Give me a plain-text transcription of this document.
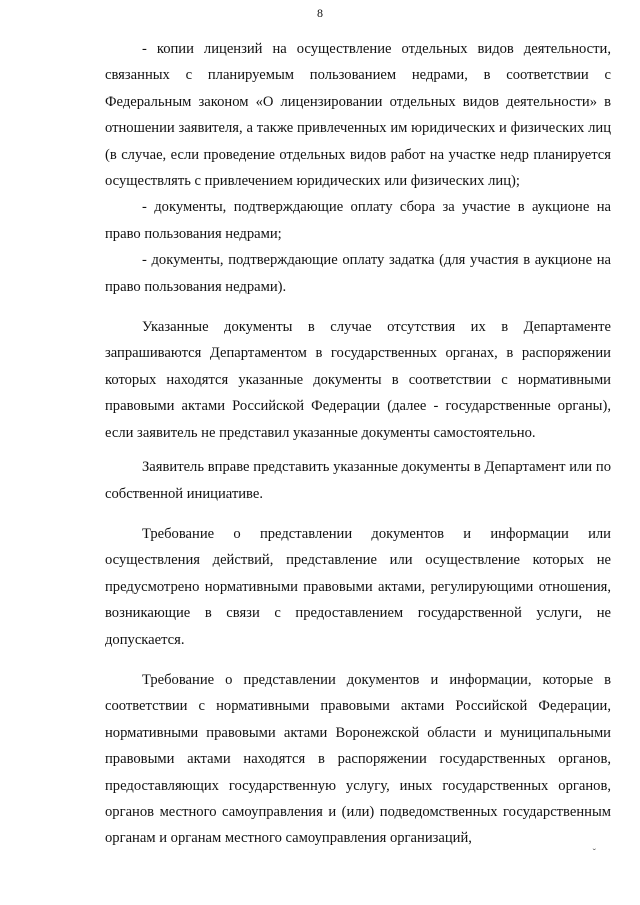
8

- копии лицензий на осуществление отдельных видов деятельности, связанных с планируемым пользованием недрами, в соответствии с Федеральным законом «О лицензировании отдельных видов деятельности» в отношении заявителя, а также привлеченных им юридических и физических лиц (в случае, если проведение отдельных видов работ на участке недр планируется осуществлять с привлечением юридических или физических лиц);

- документы, подтверждающие оплату сбора за участие в аукционе на право пользования недрами;

- документы, подтверждающие оплату задатка (для участия в аукционе на право пользования недрами).

Указанные документы в случае отсутствия их в Департаменте запрашиваются Департаментом в государственных органах, в распоряжении которых находятся указанные документы в соответствии с нормативными правовыми актами Российской Федерации (далее - государственные органы), если заявитель не представил указанные документы самостоятельно.

Заявитель вправе представить указанные документы в Департамент или по собственной инициативе.

Требование о представлении документов и информации или осуществления действий, представление или осуществление которых не предусмотрено нормативными правовыми актами, регулирующими отношения, возникающие в связи с предоставлением государственной услуги, не допускается.

Требование о представлении документов и информации, которые в соответствии с нормативными правовыми актами Российской Федерации, нормативными правовыми актами Воронежской области и муниципальными правовыми актами находятся в распоряжении государственных органов, предоставляющих государственную услугу, иных государственных органов, органов местного самоуправления и (или) подведомственных государственным органам и органам местного самоуправления организаций,

ˇ
